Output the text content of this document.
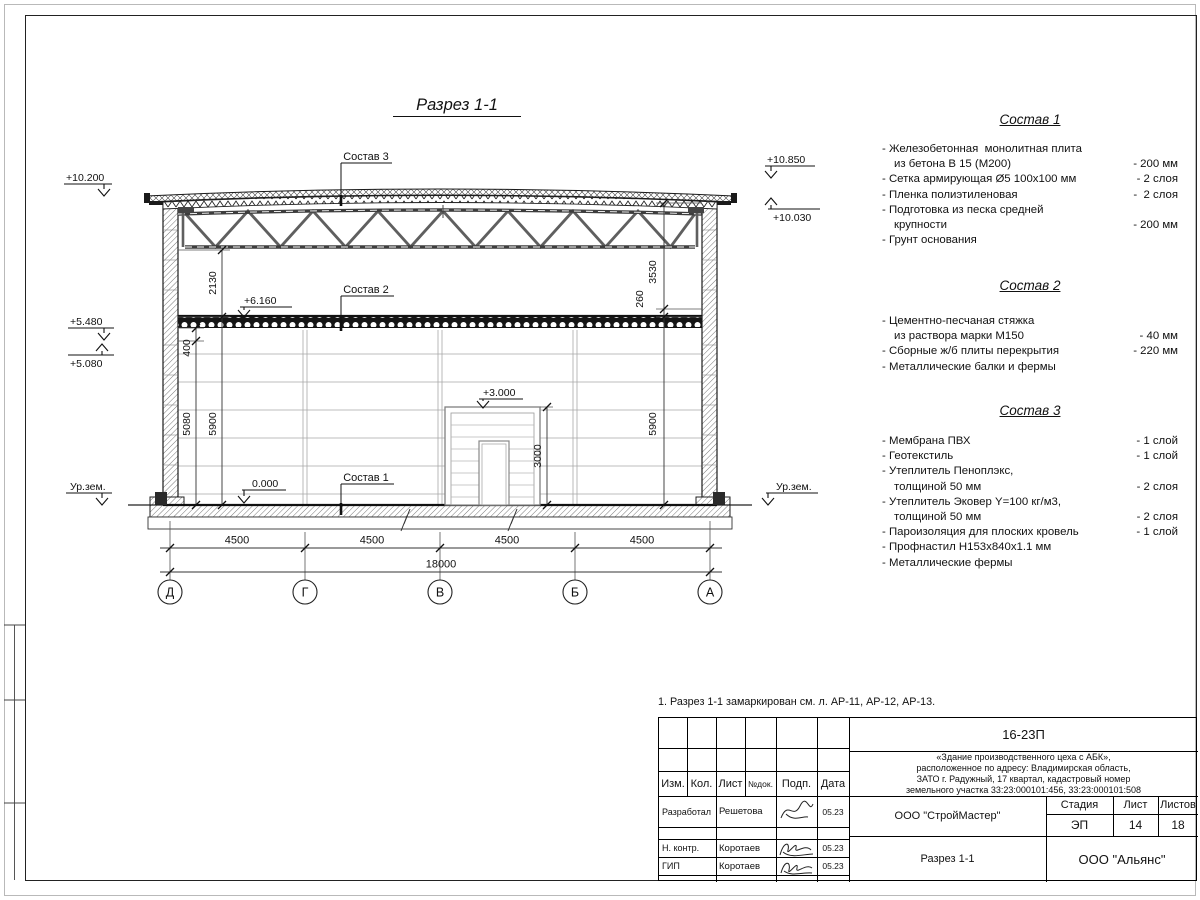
2130
400
5080 5900
3530
260
5900
3000
4500	4500	4500	4500
18000
Д	Г	В	Б	А
+10.200
+5.480
+5.080
Ур.зем.	0.000
+6.160
+3.000
+10.850
+10.030
Ур.зем.
Состав 3
Состав 2
Состав 1
Разрез 1-1
Состав 1
- Железобетонная  монолитная плита
из бетона В 15 (М200)	- 200 мм
- Сетка армирующая Ø5 100х100 мм	- 2 слоя
- Пленка полиэтиленовая	-  2 слоя
- Подготовка из песка средней
крупности	- 200 мм
- Грунт основания
Состав 2
- Цементно-песчаная стяжка
из раствора марки М150	- 40 мм
- Сборные ж/б плиты перекрытия	- 220 мм
- Металлические балки и фермы
Состав 3
- Мембрана ПВХ	- 1 слой
- Геотекстиль	- 1 слой
- Утеплитель Пеноплэкс,
толщиной 50 мм	- 2 слоя
- Утеплитель Эковер Y=100 кг/м3,
толщиной 50 мм	- 2 слоя
- Пароизоляция для плоских кровель	- 1 слой
- Профнастил Н153х840х1.1 мм
- Металлические фермы
1. Разрез 1-1 замаркирован см. л. АР-11, АР-12, АР-13.
Изм. Кол. Лист №док. Подп. Дата
Разработал Решетова	05.23
Н. контр.	Коротаев	05.23
ГИП	Коротаев	05.23
16-23П
«Здание производственного цеха с АБК»,
расположенное по адресу: Владимирская область,
ЗАТО г. Радужный, 17 квартал, кадастровый номер
земельного участка 33:23:000101:456, 33:23:000101:508
ООО "СтройМастер"
Стадия	Лист	Листов
ЭП	14	18
Разрез 1-1	ООО "Альянс"
